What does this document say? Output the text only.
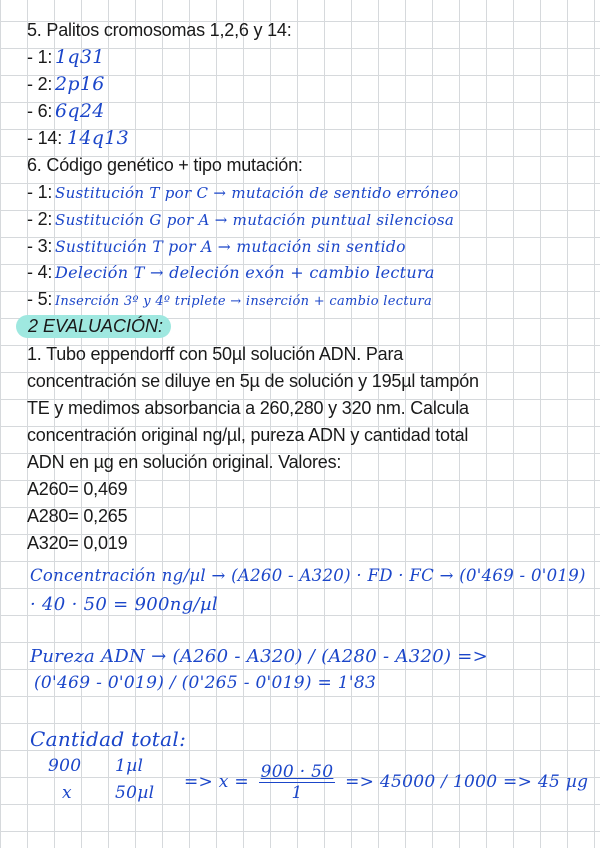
5. Palitos cromosomas 1,2,6 y 14:
- 1: 1q31
- 2: 2p16
- 6: 6q24
- 14: 14q13
6. Código genético + tipo mutación:
- 1: Sustitución T por C → mutación de sentido erróneo
- 2: Sustitución G por A → mutación puntual silenciosa
- 3: Sustitución T por A → mutación sin sentido
- 4: Deleción T → deleción exón + cambio lectura
- 5: Inserción 3º y 4º triplete → inserción + cambio lectura
2 EVALUACIÓN:
1. Tubo eppendorff con 50µl solución ADN. Para
concentración se diluye en 5µ de solución y 195µl tampón
TE y medimos absorbancia a 260,280 y 320 nm. Calcula
concentración original ng/µl, pureza ADN y cantidad total
ADN en µg en solución original. Valores:
A260= 0,469
A280= 0,265
A320= 0,019
Concentración ng/µl → (A260 - A320) · FD · FC → (0'469 - 0'019)
· 40 · 50 = 900ng/µl
Pureza ADN → (A260 - A320) / (A280 - A320) =>
(0'469 - 0'019) / (0'265 - 0'019) = 1'83
Cantidad total:
900 1µl
x	50µl
=> $x = \frac{900 \cdot 50}{1} => 45000 / 1000 => 45$ µg
